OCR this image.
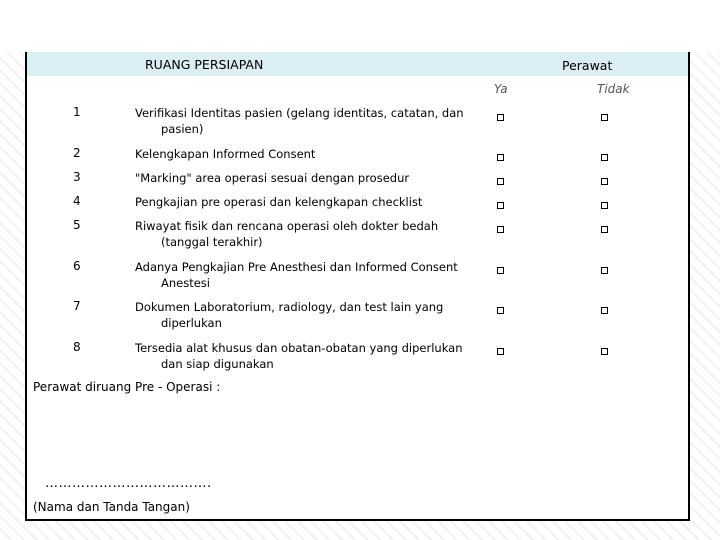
RUANG PERSIAPAN	Perawat
Ya	Tidak
1	Verifikasi Identitas pasien (gelang identitas, catatan, dan
pasien)
2	Kelengkapan Informed Consent
3	"Marking" area operasi sesuai dengan prosedur
4	Pengkajian pre operasi dan kelengkapan checklist
5	Riwayat fisik dan rencana operasi oleh dokter bedah
(tanggal terakhir)
6	Adanya Pengkajian Pre Anesthesi dan Informed Consent
Anestesi
7	Dokumen Laboratorium, radiology, dan test lain yang
diperlukan
8	Tersedia alat khusus dan obatan-obatan yang diperlukan
dan siap digunakan
Perawat diruang Pre - Operasi :
……………………………….
(Nama dan Tanda Tangan)
